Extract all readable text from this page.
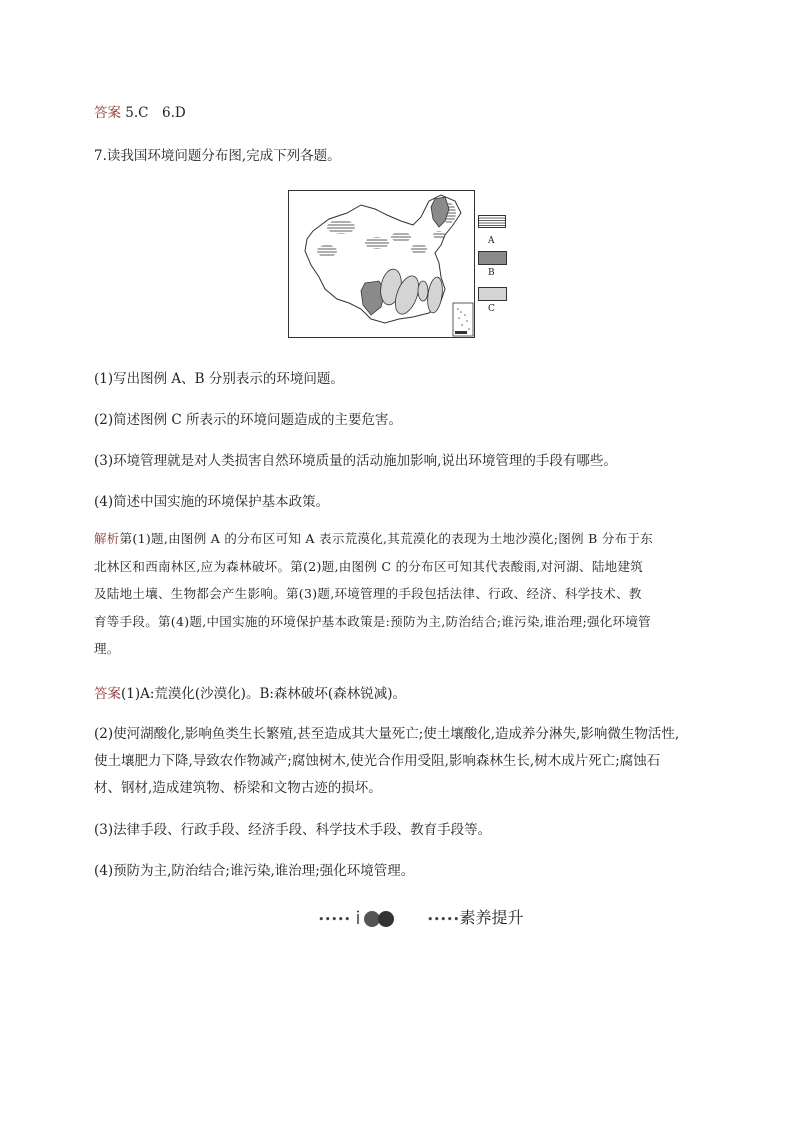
答案 5.C　6.D
7.读我国环境问题分布图,完成下列各题。
A
B
C
(1)写出图例 A、B 分别表示的环境问题。
(2)简述图例 C 所表示的环境问题造成的主要危害。
(3)环境管理就是对人类损害自然环境质量的活动施加影响,说出环境管理的手段有哪些。
(4)简述中国实施的环境保护基本政策。
解析第(1)题,由图例 A 的分布区可知 A 表示荒漠化,其荒漠化的表现为土地沙漠化;图例 B 分布于东
北林区和西南林区,应为森林破坏。第(2)题,由图例 C 的分布区可知其代表酸雨,对河湖、陆地建筑
及陆地土壤、生物都会产生影响。第(3)题,环境管理的手段包括法律、行政、经济、科学技术、教
育等手段。第(4)题,中国实施的环境保护基本政策是:预防为主,防治结合;谁污染,谁治理;强化环境管
理。
答案(1)A:荒漠化(沙漠化)。B:森林破坏(森林锐减)。
(2)使河湖酸化,影响鱼类生长繁殖,甚至造成其大量死亡;使土壤酸化,造成养分淋失,影响微生物活性,
使土壤肥力下降,导致农作物减产;腐蚀树木,使光合作用受阻,影响森林生长,树木成片死亡;腐蚀石
材、钢材,造成建筑物、桥梁和文物古迹的损坏。
(3)法律手段、行政手段、经济手段、科学技术手段、教育手段等。
(4)预防为主,防治结合;谁污染,谁治理;强化环境管理。
•••••	•••••素养提升
